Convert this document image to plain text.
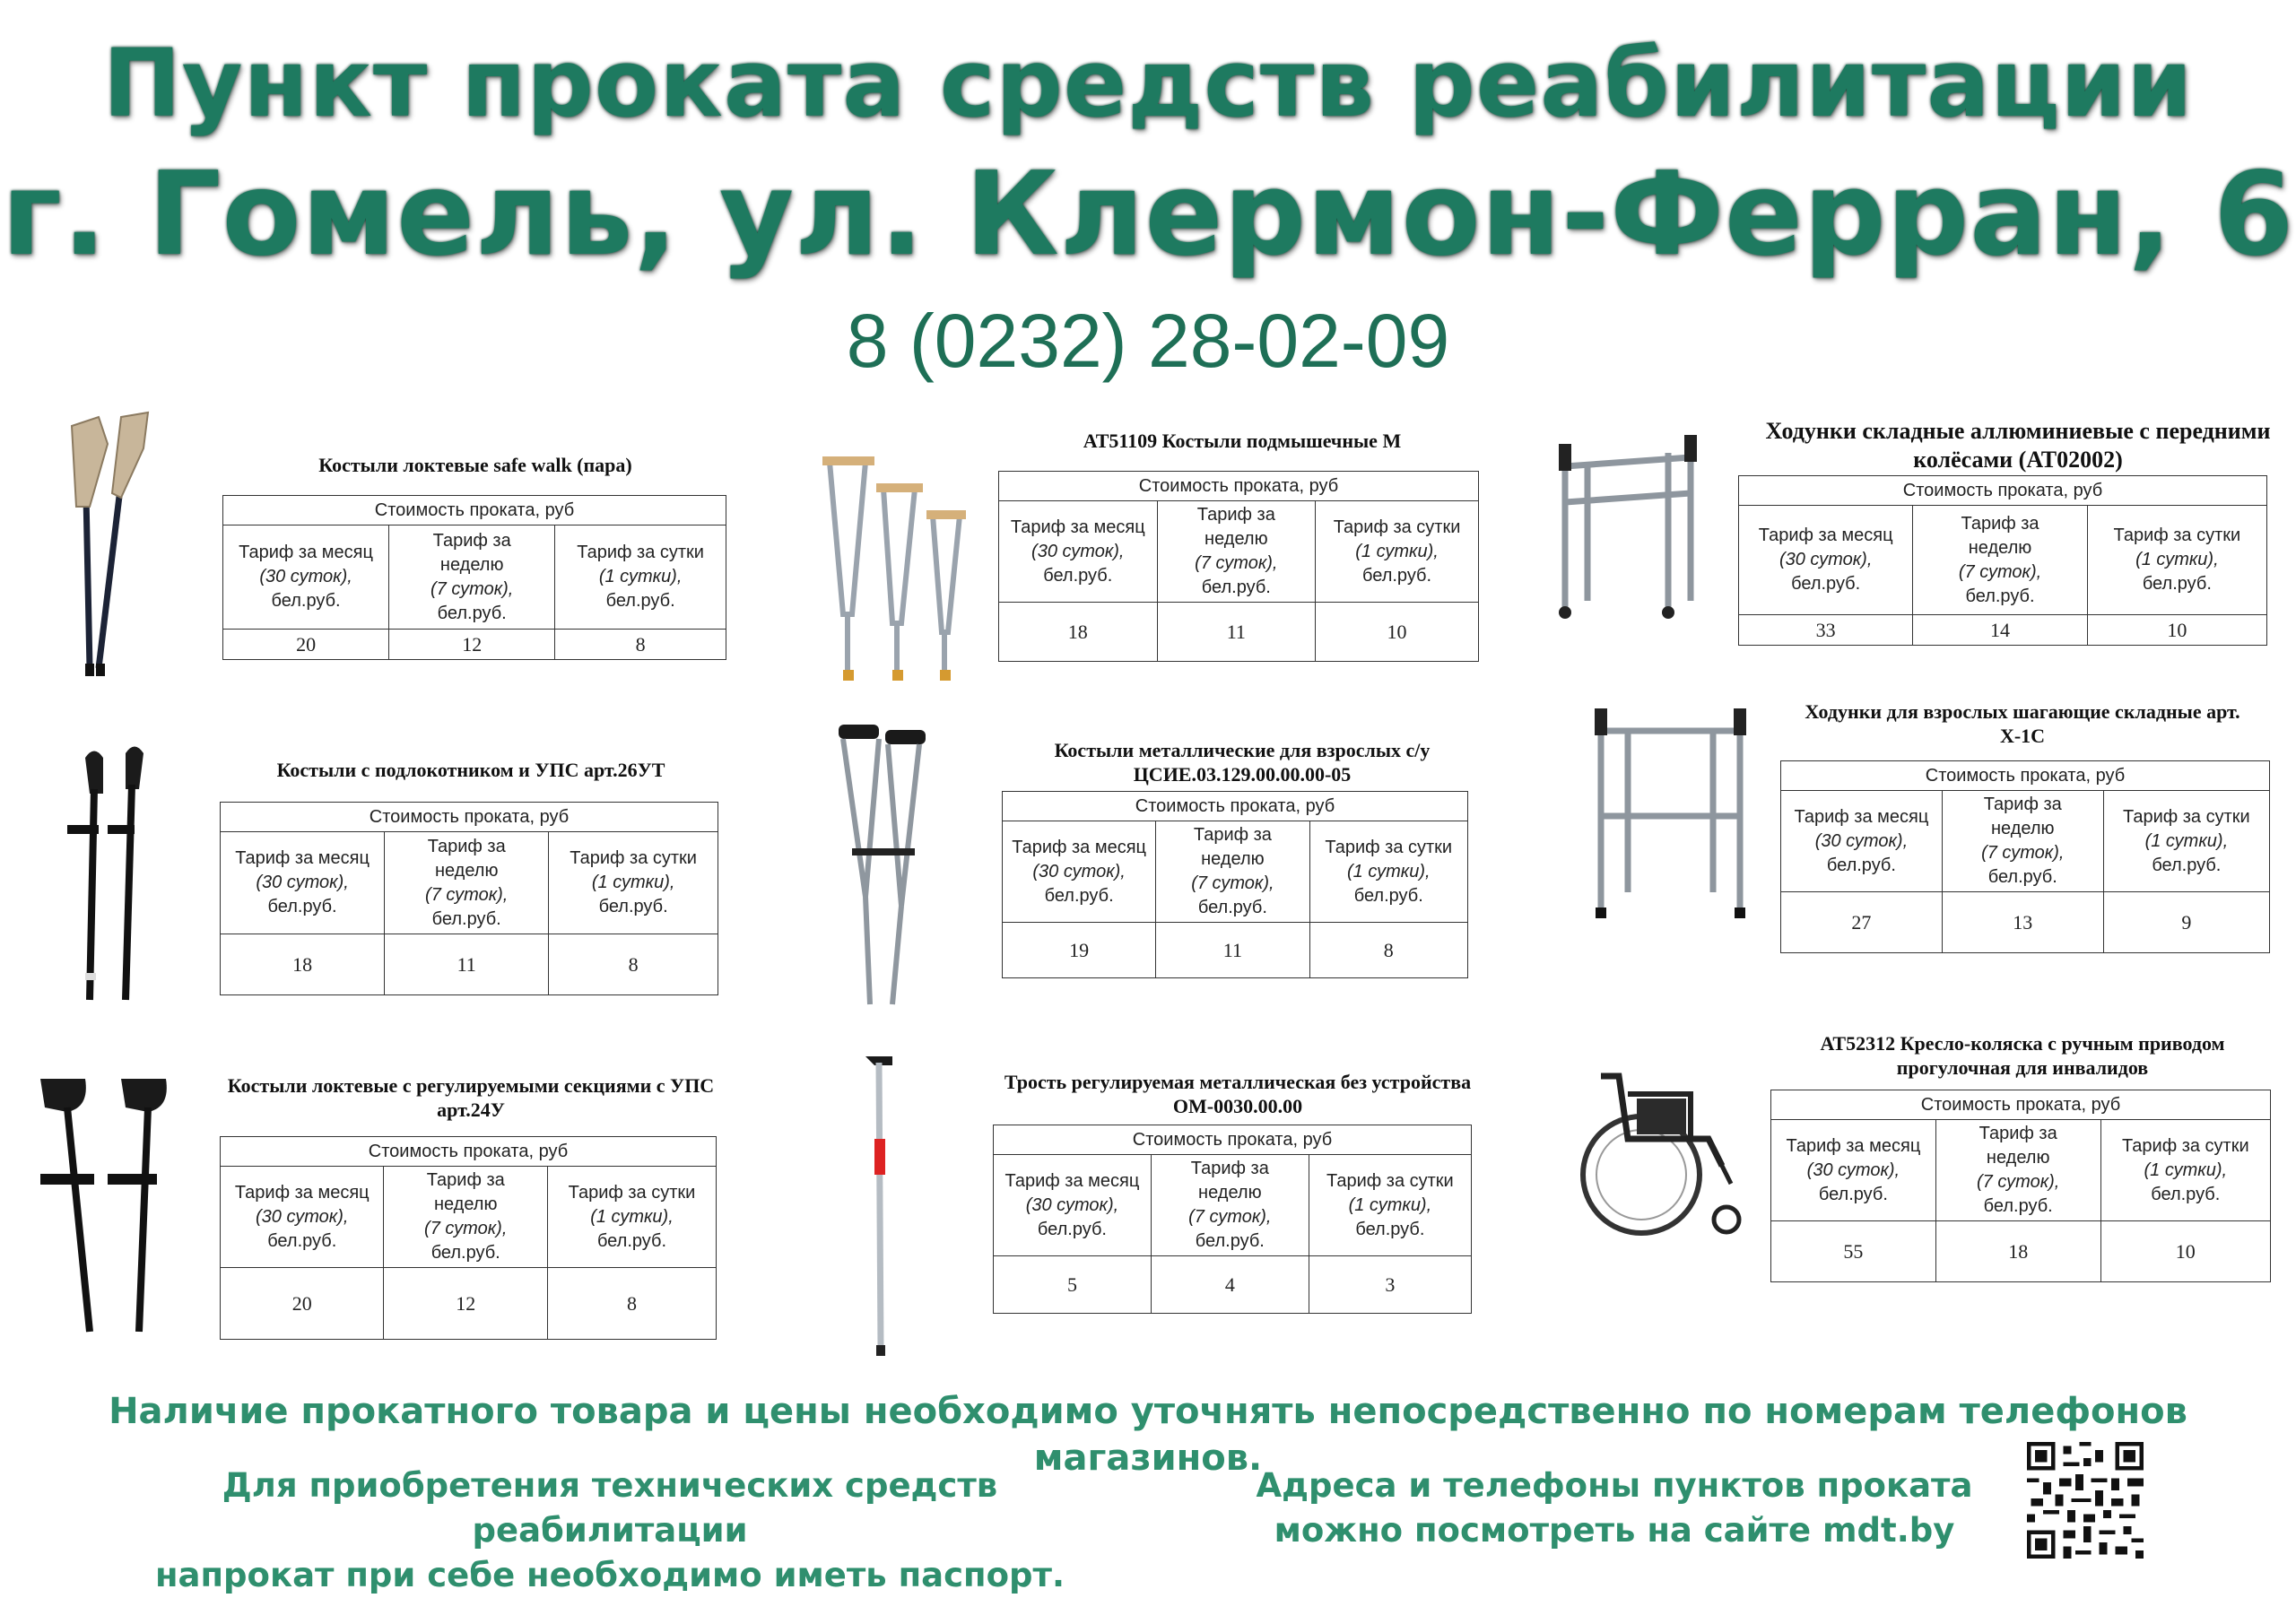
Пункт проката средств реабилитации
г. Гомель, ул. Клермон-Ферран, 6
8 (0232) 28-02-09
Костыли локтевые safe walk (пара)
Стоимость проката, руб		
Тариф за месяц
(30 суток),
бел.руб.	Тариф за
неделю
(7 суток),
бел.руб.	Тариф за сутки
(1 сутки),
бел.руб.
20	12	8
Костыли с подлокотником и УПС арт.26УТ
Стоимость проката, руб		
Тариф за месяц
(30 суток),
бел.руб.	Тариф за
неделю
(7 суток),
бел.руб.	Тариф за сутки
(1 сутки),
бел.руб.
18	11	8
Костыли локтевые с регулируемыми секциями с УПС арт.24У
Стоимость проката, руб		
Тариф за месяц
(30 суток),
бел.руб.	Тариф за
неделю
(7 суток),
бел.руб.	Тариф за сутки
(1 сутки),
бел.руб.
20	12	8
АТ51109 Костыли подмышечные М
Стоимость проката, руб		
Тариф за месяц
(30 суток),
бел.руб.	Тариф за
неделю
(7 суток),
бел.руб.	Тариф за сутки
(1 сутки),
бел.руб.
18	11	10
Костыли металлические для взрослых с/у ЦСИЕ.03.129.00.00.00-05
Стоимость проката, руб		
Тариф за месяц
(30 суток),
бел.руб.	Тариф за
неделю
(7 суток),
бел.руб.	Тариф за сутки
(1 сутки),
бел.руб.
19	11	8
Трость регулируемая металлическая без устройства ОМ-0030.00.00
Стоимость проката, руб		
Тариф за месяц
(30 суток),
бел.руб.	Тариф за
неделю
(7 суток),
бел.руб.	Тариф за сутки
(1 сутки),
бел.руб.
5	4	3
Ходунки складные аллюминиевые с передними колёсами (АТ02002)
Стоимость проката, руб		
Тариф за месяц
(30 суток),
бел.руб.	Тариф за
неделю
(7 суток),
бел.руб.	Тариф за сутки
(1 сутки),
бел.руб.
33	14	10
Ходунки для взрослых шагающие складные арт. Х-1С
Стоимость проката, руб		
Тариф за месяц
(30 суток),
бел.руб.	Тариф за
неделю
(7 суток),
бел.руб.	Тариф за сутки
(1 сутки),
бел.руб.
27	13	9
АТ52312 Кресло-коляска с ручным приводом прогулочная для инвалидов
Стоимость проката, руб		
Тариф за месяц
(30 суток),
бел.руб.	Тариф за
неделю
(7 суток),
бел.руб.	Тариф за сутки
(1 сутки),
бел.руб.
55	18	10
Наличие прокатного товара и цены необходимо уточнять непосредственно по номерам телефонов магазинов.
Для приобретения технических средств реабилитации
напрокат при себе необходимо иметь паспорт.
Адреса и телефоны пунктов проката
можно посмотреть на сайте mdt.by
